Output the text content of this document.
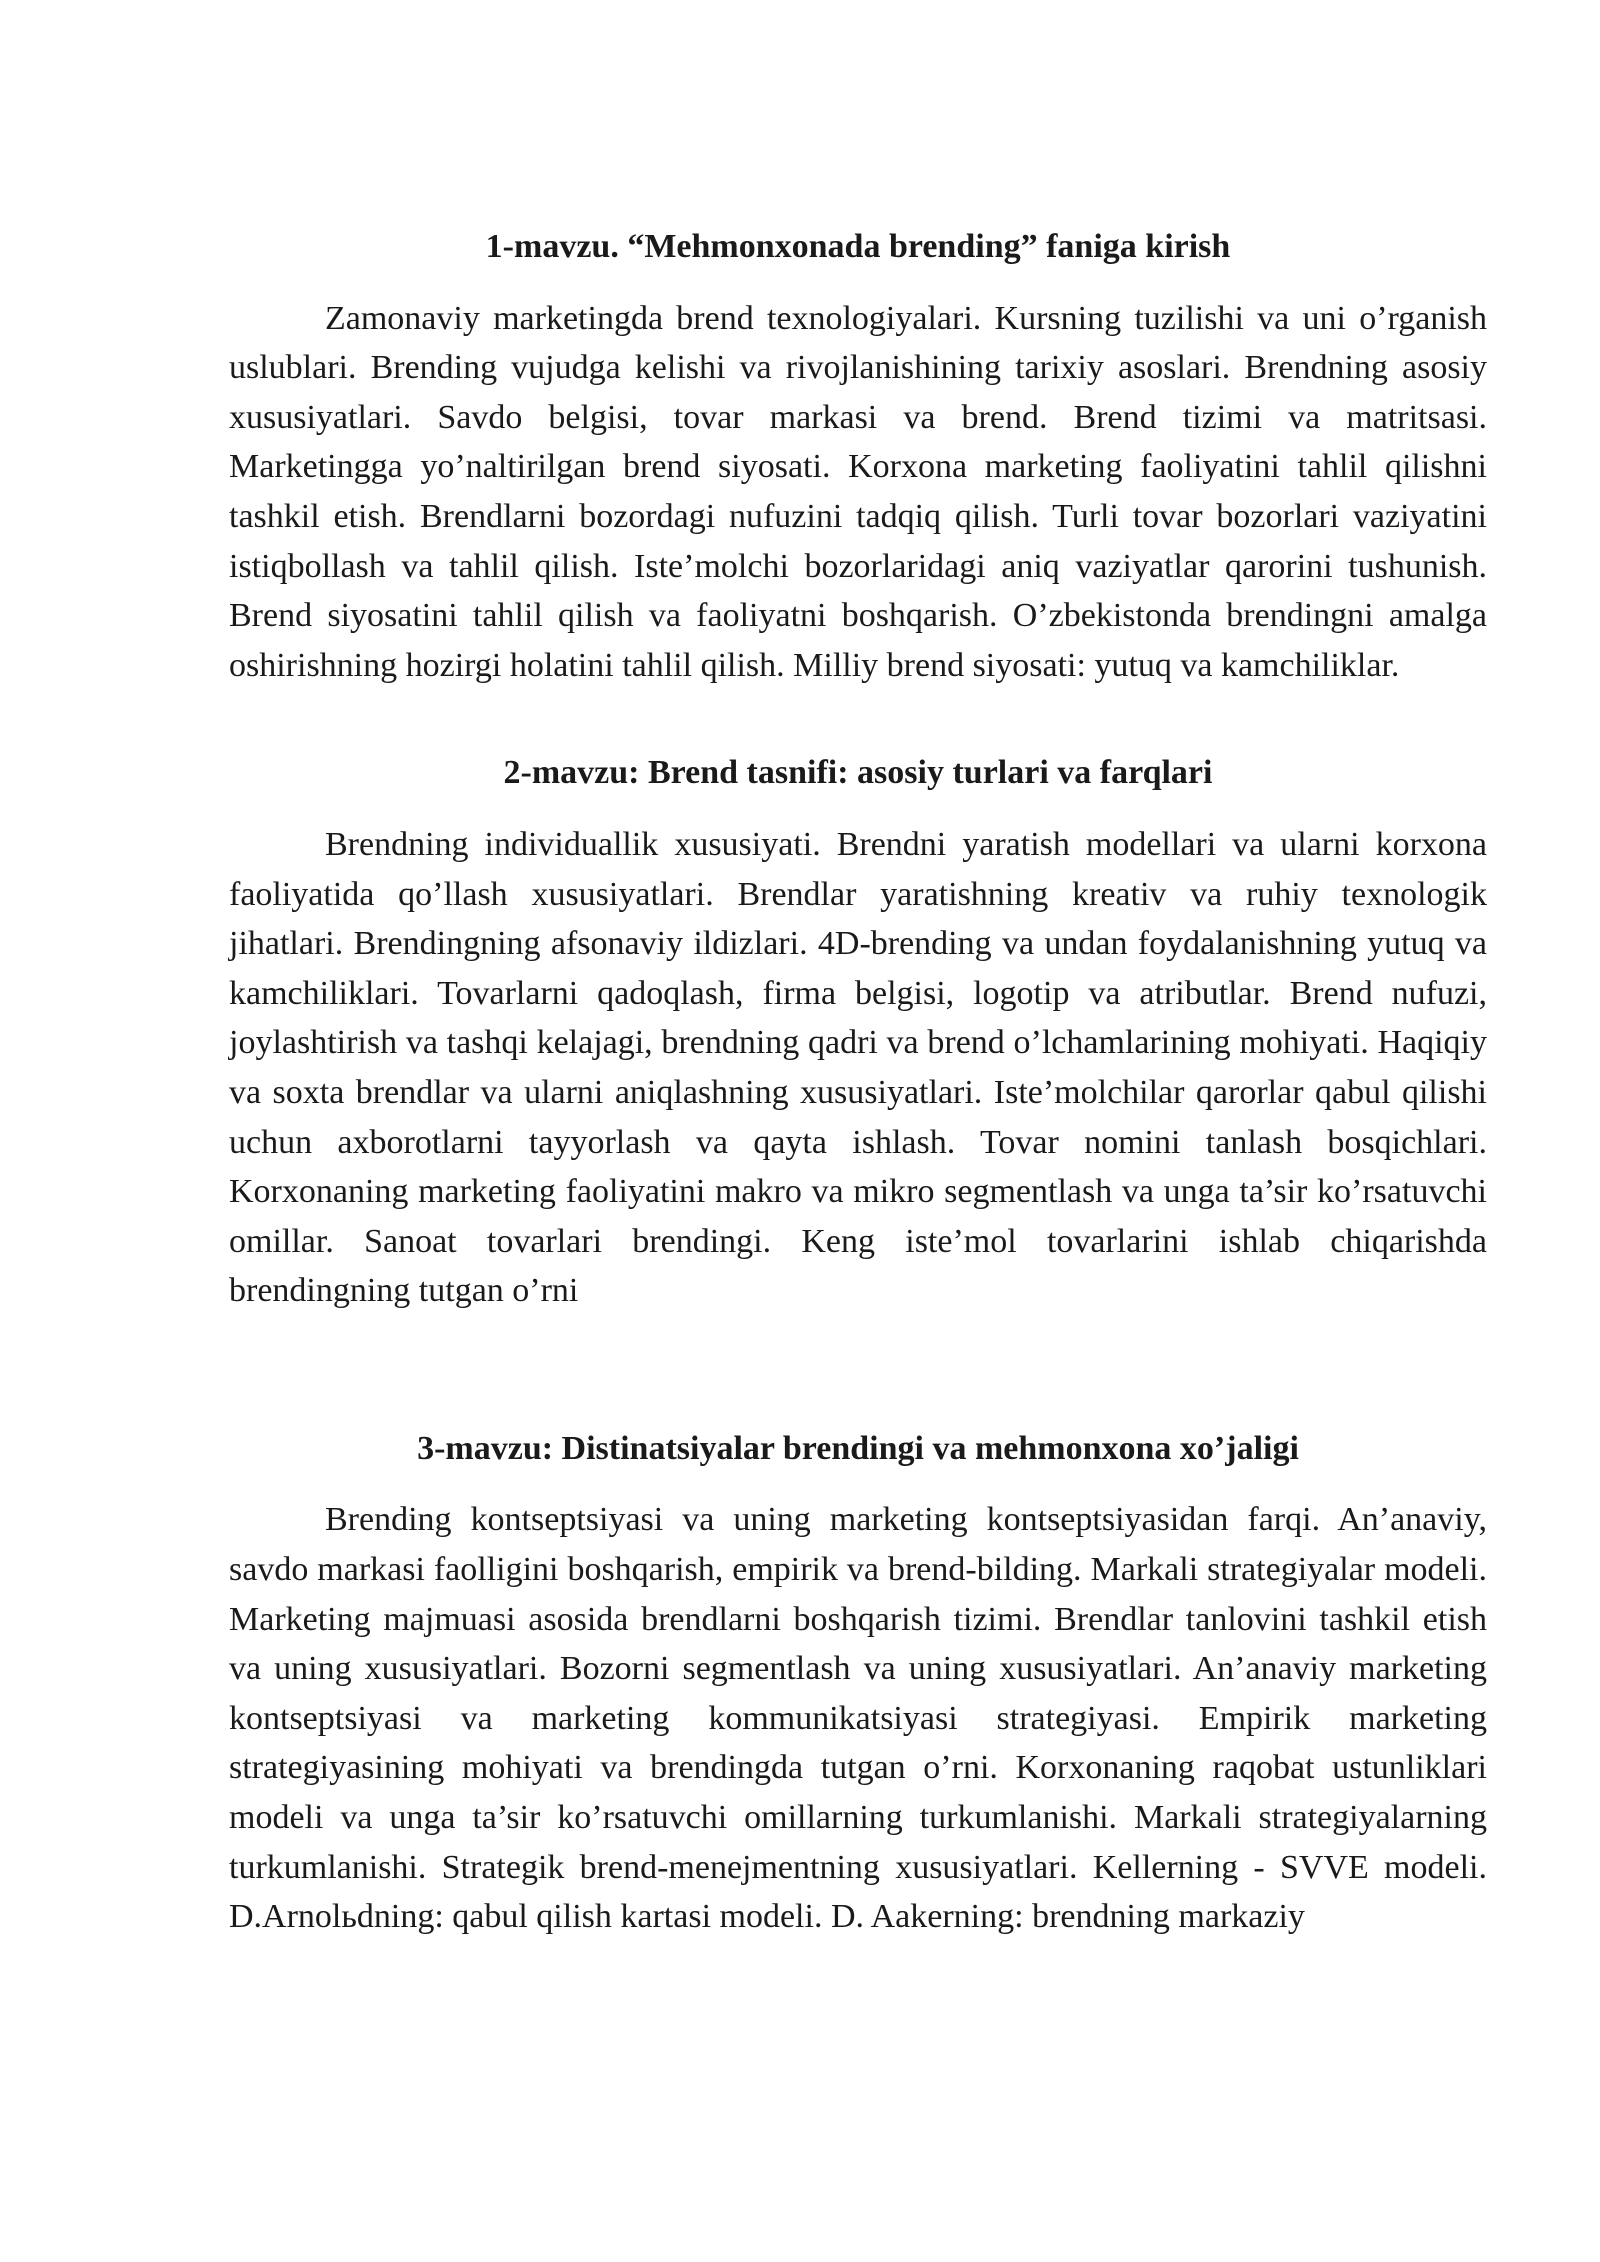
1-mavzu. “Mehmonxonada brending” faniga kirish

Zamonaviy marketingda brend texnologiyalari. Kursning tuzilishi va uni o’rganish uslublari. Brending vujudga kelishi va rivojlanishining tarixiy asoslari. Brendning asosiy xususiyatlari. Savdo belgisi, tovar markasi va brend. Brend tizimi va matritsasi. Marketingga yo’naltirilgan brend siyosati. Korxona marketing faoliyatini tahlil qilishni tashkil etish. Brendlarni bozordagi nufuzini tadqiq qilish. Turli tovar bozorlari vaziyatini istiqbollash va tahlil qilish. Iste’molchi bozorlaridagi aniq vaziyatlar qarorini tushunish. Brend siyosatini tahlil qilish va faoliyatni boshqarish. O’zbekistonda brendingni amalga oshirishning hozirgi holatini tahlil qilish. Milliy brend siyosati: yutuq va kamchiliklar.

2-mavzu: Brend tasnifi: asosiy turlari va farqlari

Brendning individuallik xususiyati. Brendni yaratish modellari va ularni korxona faoliyatida qo’llash xususiyatlari. Brendlar yaratishning kreativ va ruhiy texnologik jihatlari. Brendingning afsonaviy ildizlari. 4D-brending va undan foydalanishning yutuq va kamchiliklari. Tovarlarni qadoqlash, firma belgisi, logotip va atributlar. Brend nufuzi, joylashtirish va tashqi kelajagi, brendning qadri va brend o’lchamlarining mohiyati. Haqiqiy va soxta brendlar va ularni aniqlashning xususiyatlari. Iste’molchilar qarorlar qabul qilishi uchun axborotlarni tayyorlash va qayta ishlash. Tovar nomini tanlash bosqichlari. Korxonaning marketing faoliyatini makro va mikro segmentlash va unga ta’sir ko’rsatuvchi omillar. Sanoat tovarlari brendingi. Keng iste’mol tovarlarini ishlab chiqarishda brendingning tutgan o’rni

3-mavzu: Distinatsiyalar brendingi va mehmonxona xo’jaligi

Brending kontseptsiyasi va uning marketing kontseptsiyasidan farqi. An’anaviy, savdo markasi faolligini boshqarish, empirik va brend-bilding. Markali strategiyalar modeli. Marketing majmuasi asosida brendlarni boshqarish tizimi. Brendlar tanlovini tashkil etish va uning xususiyatlari. Bozorni segmentlash va uning xususiyatlari. An’anaviy marketing kontseptsiyasi va marketing kommunikatsiyasi strategiyasi. Empirik marketing strategiyasining mohiyati va brendingda tutgan o’rni. Korxonaning raqobat ustunliklari modeli va unga ta’sir ko’rsatuvchi omillarning turkumlanishi. Markali strategiyalarning turkumlanishi. Strategik brend-menejmentning xususiyatlari. Kellerning - SVVE modeli. D.Arnolьdning: qabul qilish kartasi modeli. D. Aakerning: brendning markaziy
